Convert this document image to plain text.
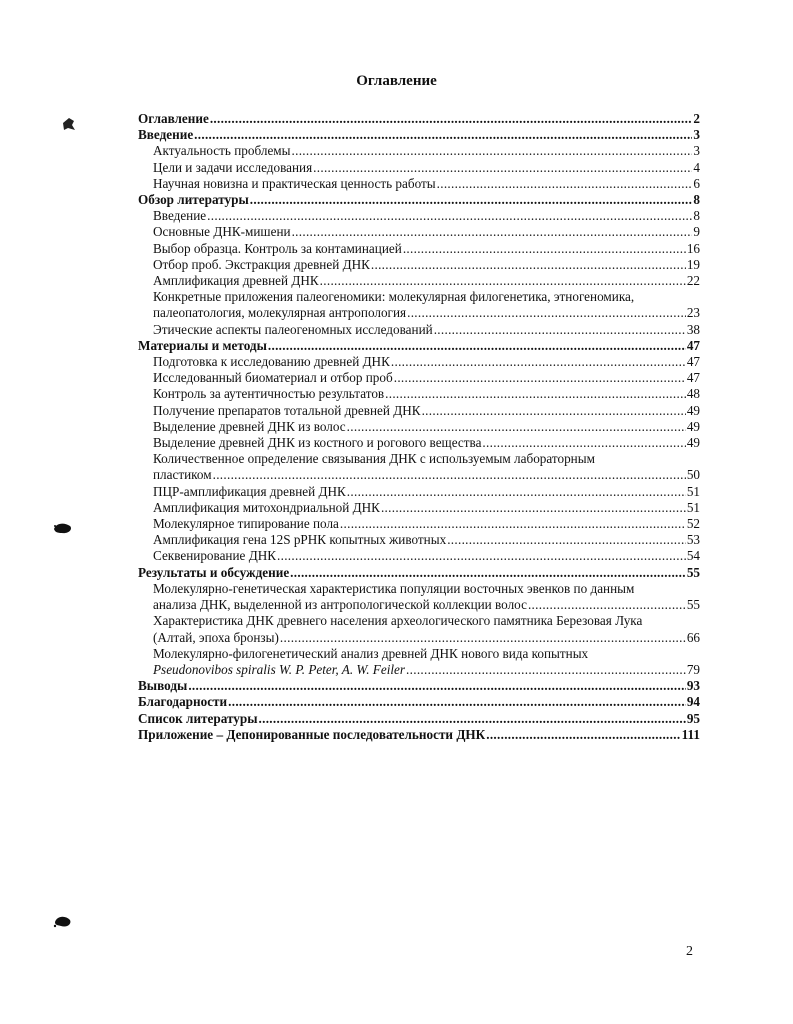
Оглавление
Оглавление .....	2
Введение .....	3
Актуальность проблемы .....	3
Цели и задачи исследования .....	4
Научная новизна и практическая ценность работы .....	6
Обзор литературы .....	8
Введение .....	8
Основные ДНК-мишени .....	9
Выбор образца. Контроль за контаминацией .....	16
Отбор проб. Экстракция древней ДНК .....	19
Амплификация древней ДНК .....	22
Конкретные приложения палеогеномики: молекулярная филогенетика, этногеномика,
палеопатология, молекулярная антропология .....	23
Этические аспекты палеогеномных исследований .....	38
Материалы и методы .....	47
Подготовка к исследованию древней ДНК .....	47
Исследованный биоматериал и отбор проб .....	47
Контроль за аутентичностью результатов .....	48
Получение препаратов тотальной древней ДНК .....	49
Выделение древней ДНК из волос .....	49
Выделение древней ДНК из костного и рогового вещества .....	49
Количественное определение связывания ДНК с используемым лабораторным
пластиком .....	50
ПЦР-амплификация древней ДНК .....	51
Амплификация митохондриальной ДНК .....	51
Молекулярное типирование пола .....	52
Амплификация гена 12S рРНК копытных животных .....	53
Секвенирование ДНК .....	54
Результаты и обсуждение .....	55
Молекулярно-генетическая характеристика популяции восточных эвенков по данным
анализа ДНК, выделенной из антропологической коллекции волос .....	55
Характеристика ДНК древнего населения археологического памятника Березовая Лука
(Алтай, эпоха бронзы) .....	66
Молекулярно-филогенетический анализ древней ДНК нового вида копытных
Pseudonovibos spiralis W. P. Peter, A. W. Feiler .....	79
Выводы .....	93
Благодарности .....	94
Список литературы .....	95
Приложение – Депонированные последовательности ДНК .....	111
2
